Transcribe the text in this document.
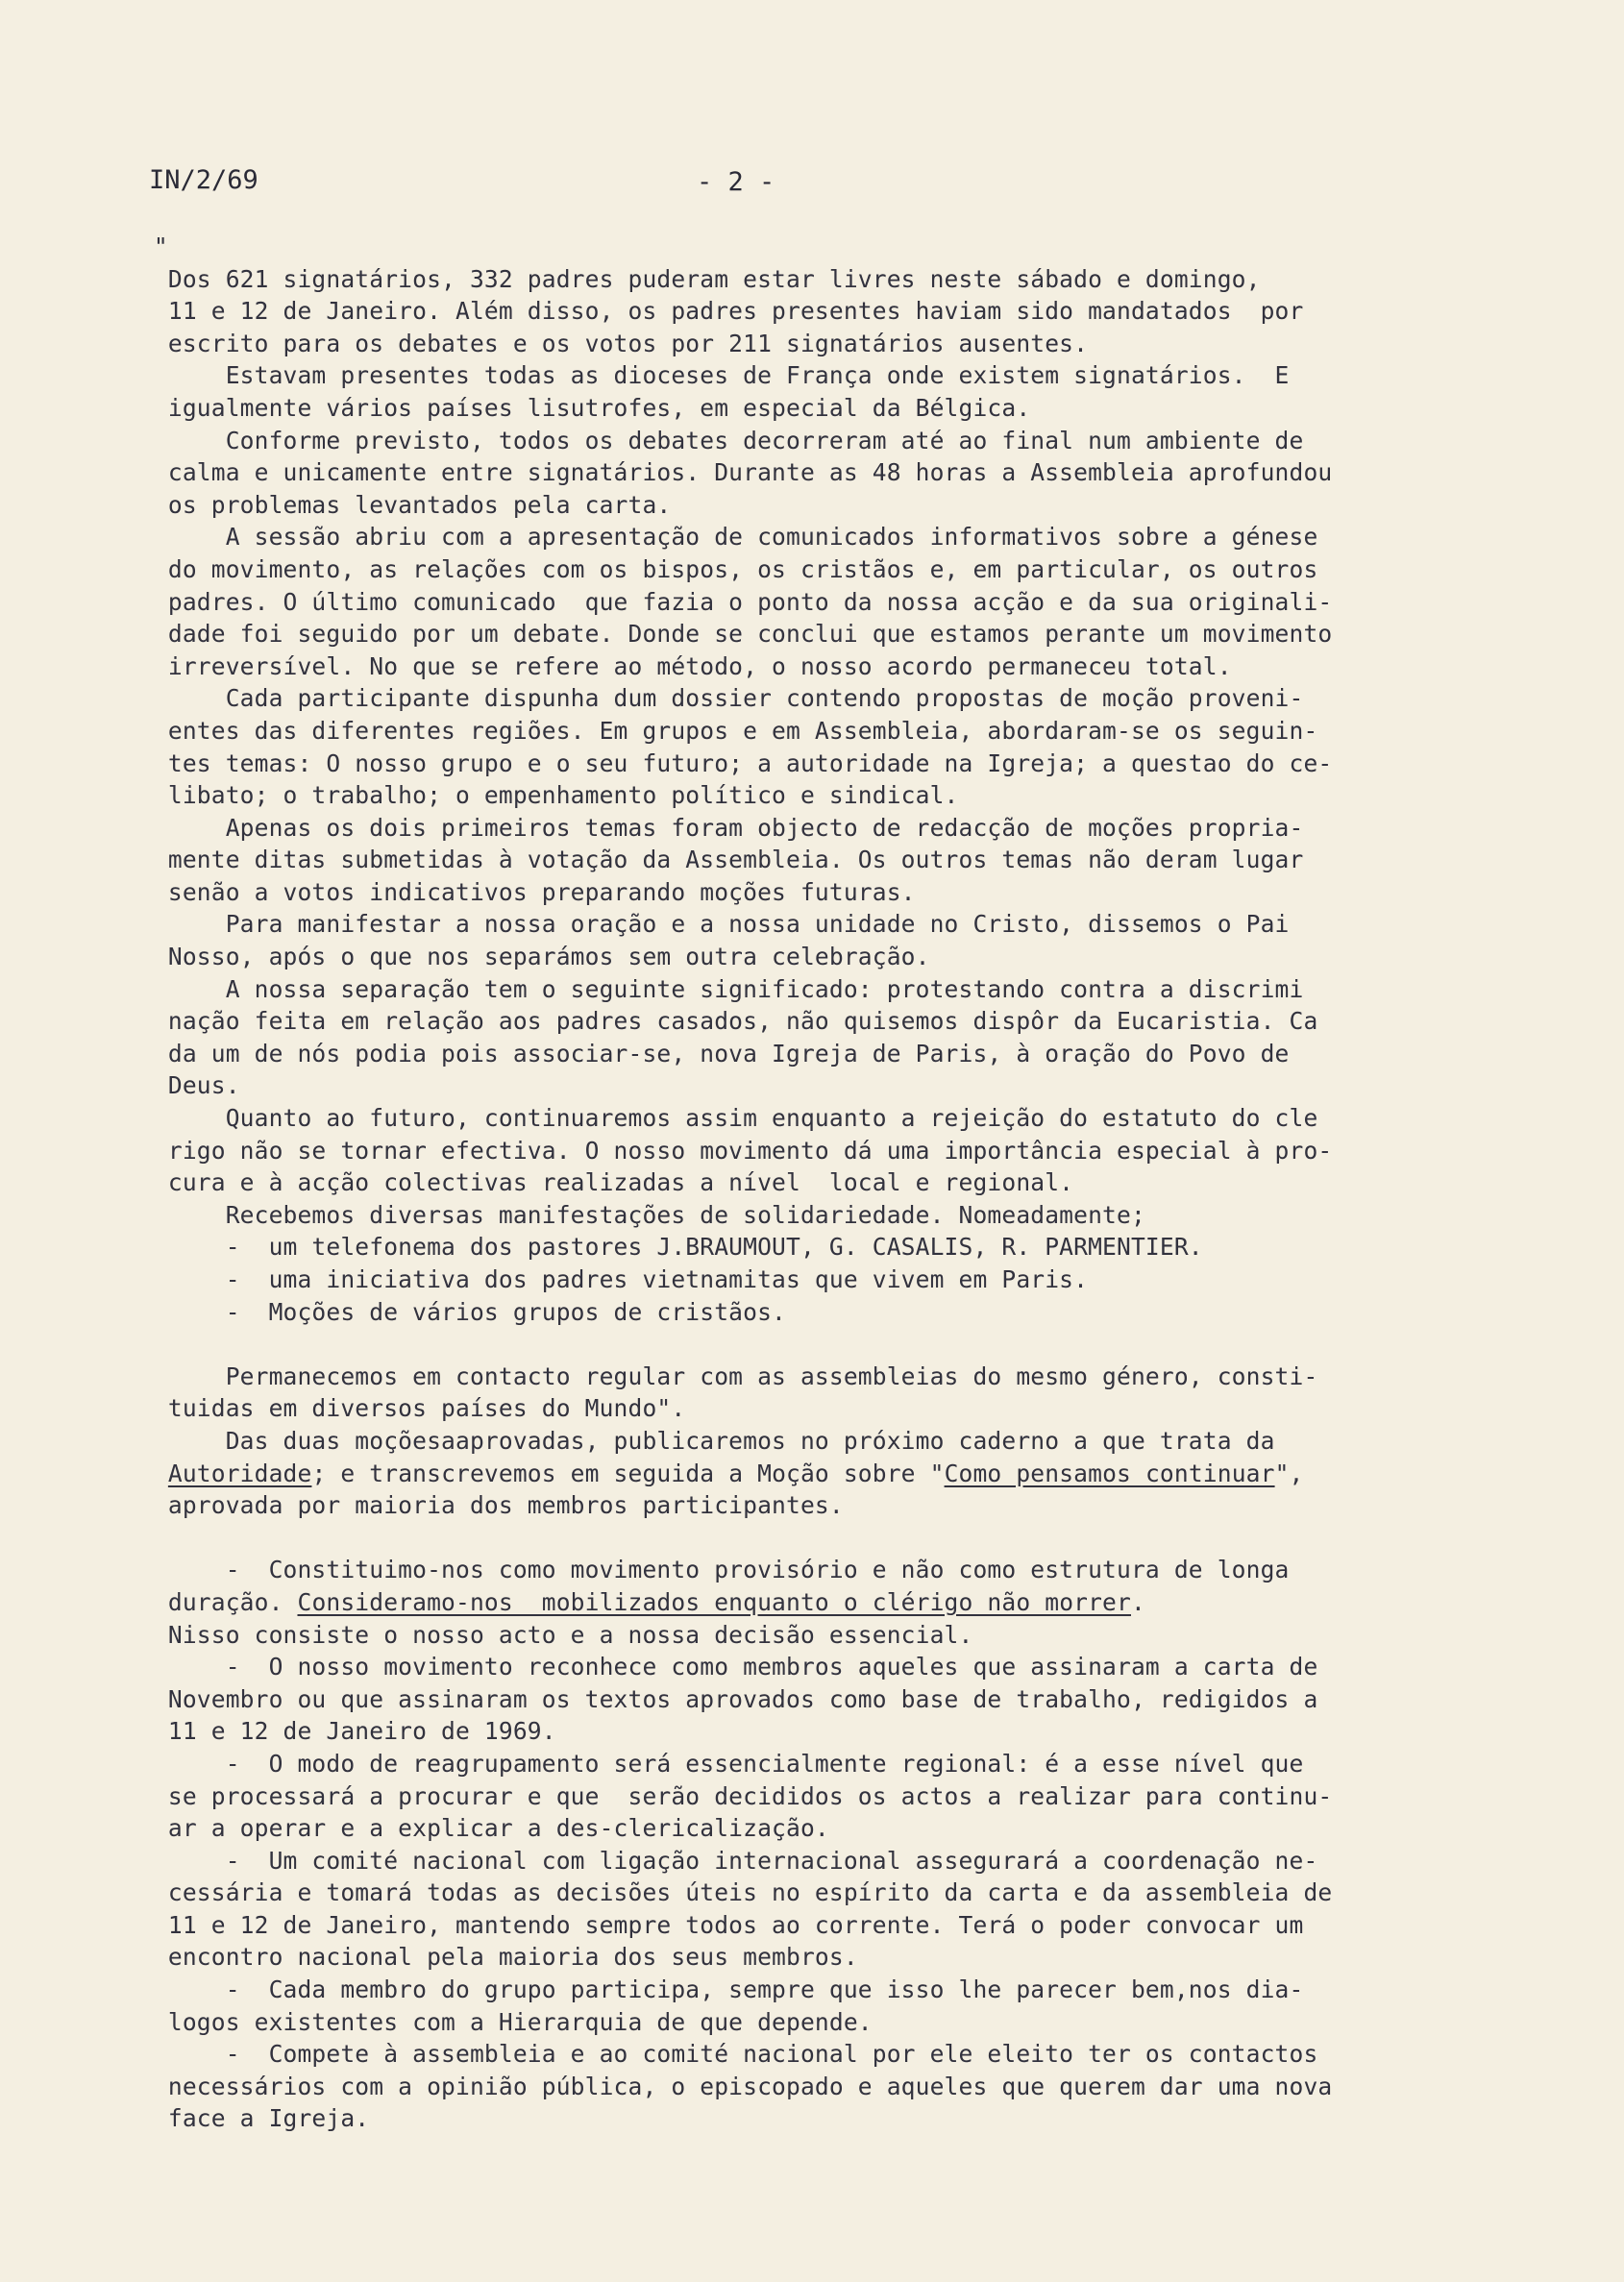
IN/2/69	- 2 -
"
Dos 621 signatários, 332 padres puderam estar livres neste sábado e domingo,
11 e 12 de Janeiro. Além disso, os padres presentes haviam sido mandatados  por
escrito para os debates e os votos por 211 signatários ausentes.
Estavam presentes todas as dioceses de França onde existem signatários.  E
igualmente vários países lisutrofes, em especial da Bélgica.
Conforme previsto, todos os debates decorreram até ao final num ambiente de
calma e unicamente entre signatários. Durante as 48 horas a Assembleia aprofundou
os problemas levantados pela carta.
A sessão abriu com a apresentação de comunicados informativos sobre a génese
do movimento, as relações com os bispos, os cristãos e, em particular, os outros
padres. O último comunicado  que fazia o ponto da nossa acção e da sua originali-
dade foi seguido por um debate. Donde se conclui que estamos perante um movimento
irreversível. No que se refere ao método, o nosso acordo permaneceu total.
Cada participante dispunha dum dossier contendo propostas de moção proveni-
entes das diferentes regiões. Em grupos e em Assembleia, abordaram-se os seguin-
tes temas: O nosso grupo e o seu futuro; a autoridade na Igreja; a questao do ce-
libato; o trabalho; o empenhamento político e sindical.
Apenas os dois primeiros temas foram objecto de redacção de moções propria-
mente ditas submetidas à votação da Assembleia. Os outros temas não deram lugar
senão a votos indicativos preparando moções futuras.
Para manifestar a nossa oração e a nossa unidade no Cristo, dissemos o Pai
Nosso, após o que nos separámos sem outra celebração.
A nossa separação tem o seguinte significado: protestando contra a discrimi
nação feita em relação aos padres casados, não quisemos dispôr da Eucaristia. Ca
da um de nós podia pois associar-se, nova Igreja de Paris, à oração do Povo de
Deus.
Quanto ao futuro, continuaremos assim enquanto a rejeição do estatuto do cle
rigo não se tornar efectiva. O nosso movimento dá uma importância especial à pro-
cura e à acção colectivas realizadas a nível  local e regional.
Recebemos diversas manifestações de solidariedade. Nomeadamente;
-  um telefonema dos pastores J.BRAUMOUT, G. CASALIS, R. PARMENTIER.
-  uma iniciativa dos padres vietnamitas que vivem em Paris.
-  Moções de vários grupos de cristãos.
Permanecemos em contacto regular com as assembleias do mesmo género, consti-
tuidas em diversos países do Mundo".
Das duas moçõesaaprovadas, publicaremos no próximo caderno a que trata da
Autoridade; e transcrevemos em seguida a Moção sobre "Como pensamos continuar",
aprovada por maioria dos membros participantes.
-  Constituimo-nos como movimento provisório e não como estrutura de longa
duração. Consideramo-nos  mobilizados enquanto o clérigo não morrer.
Nisso consiste o nosso acto e a nossa decisão essencial.
-  O nosso movimento reconhece como membros aqueles que assinaram a carta de
Novembro ou que assinaram os textos aprovados como base de trabalho, redigidos a
11 e 12 de Janeiro de 1969.
-  O modo de reagrupamento será essencialmente regional: é a esse nível que
se processará a procurar e que  serão decididos os actos a realizar para continu-
ar a operar e a explicar a des-clericalização.
-  Um comité nacional com ligação internacional assegurará a coordenação ne-
cessária e tomará todas as decisões úteis no espírito da carta e da assembleia de
11 e 12 de Janeiro, mantendo sempre todos ao corrente. Terá o poder convocar um
encontro nacional pela maioria dos seus membros.
-  Cada membro do grupo participa, sempre que isso lhe parecer bem,nos dia-
logos existentes com a Hierarquia de que depende.
-  Compete à assembleia e ao comité nacional por ele eleito ter os contactos
necessários com a opinião pública, o episcopado e aqueles que querem dar uma nova
face a Igreja.
